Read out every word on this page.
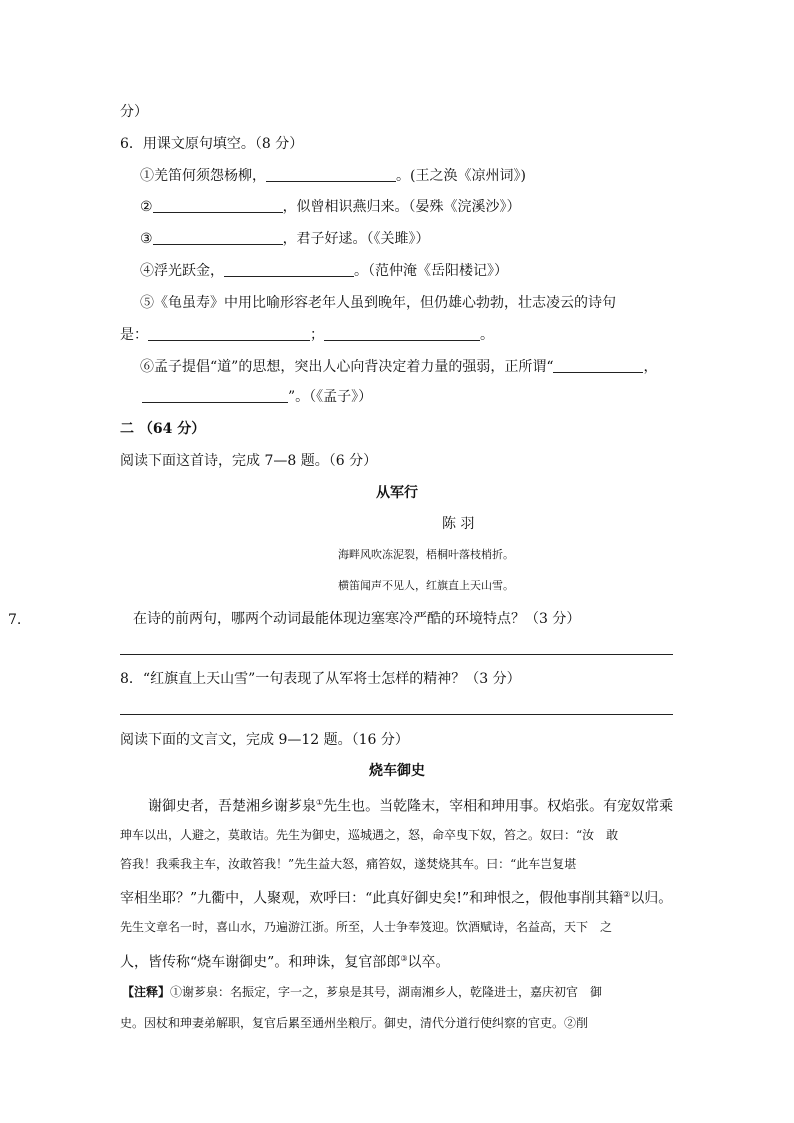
分）
6．用课文原句填空。（8 分）
①羌笛何须怨杨柳，	。(王之涣《凉州词》)
②	，似曾相识燕归来。（晏殊《浣溪沙》）
③	，君子好逑。（《关雎》）
④浮光跃金，	。（范仲淹《岳阳楼记》）
⑤《龟虽寿》中用比喻形容老年人虽到晚年，但仍雄心勃勃，壮志凌云的诗句
是：	；	。
⑥孟子提倡“道”的思想，突出人心向背决定着力量的强弱，正所谓“	，
”。（《孟子》）
二 （64 分）
阅读下面这首诗，完成 7—8 题。（6 分）
从军行
陈 羽
海畔风吹冻泥裂，梧桐叶落枝梢折。
横笛闻声不见人，红旗直上天山雪。
7.	在诗的前两句，哪两个动词最能体现边塞寒冷严酷的环境特点？（3 分）
8．“红旗直上天山雪”一句表现了从军将士怎样的精神？（3 分）
阅读下面的文言文，完成 9—12 题。（16 分）
烧车御史
谢御史者，吾楚湘乡谢芗泉①先生也。当乾隆末，宰相和珅用事。权焰张。有宠奴常乘
珅车以出，人避之，莫敢诘。先生为御史，巡城遇之，怒，命卒曳下奴，笞之。奴曰：“汝　敢
笞我！我乘我主车，汝敢笞我！”先生益大怒，痛笞奴，遂焚烧其车。曰：“此车岂复堪
宰相坐耶？”九衢中，人聚观，欢呼曰：“此真好御史矣!”和珅恨之，假他事削其籍②以归。
先生文章名一时，喜山水，乃遍游江浙。所至，人士争奉笈迎。饮酒赋诗，名益高，天下　之
人，皆传称“烧车谢御史”。和珅诛，复官部郎③以卒。
【注释】①谢芗泉：名振定，字一之，芗泉是其号，湖南湘乡人，乾隆进士，嘉庆初官　御
史。因杖和珅妻弟解职，复官后累至通州坐粮厅。御史，清代分道行使纠察的官吏。②削
